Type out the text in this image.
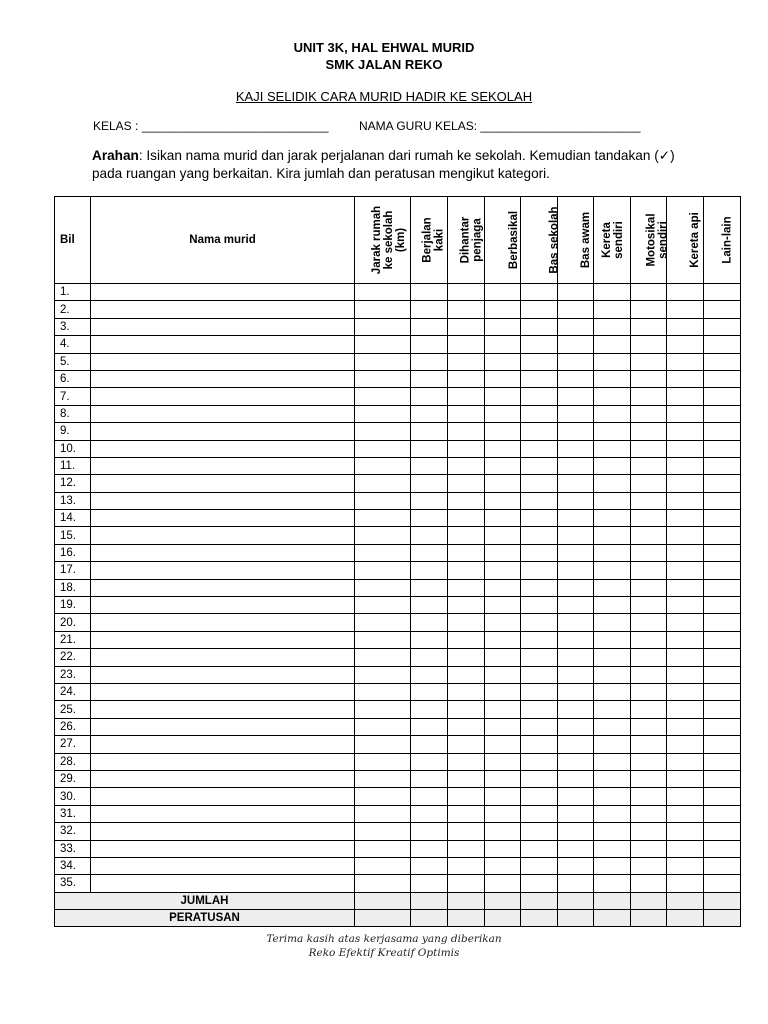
UNIT 3K, HAL EHWAL MURID
SMK JALAN REKO
KAJI SELIDIK CARA MURID HADIR KE SEKOLAH
KELAS : ____________________________	NAMA GURU KELAS: ________________________
Arahan: Isikan nama murid dan jarak perjalanan dari rumah ke sekolah. Kemudian tandakan (✓) pada ruangan yang berkaitan. Kira jumlah dan peratusan mengikut kategori.
Bil	Nama murid	Jarak rumah
ke sekolah
(km)	Berjalan
kaki	Dihantar
penjaga	Berbasikal	Bas sekolah	Bas awam	Kereta
sendiri	Motosikal
sendiri	Kereta api	Lain-lain
1.											
2.											
3.											
4.											
5.											
6.											
7.											
8.											
9.											
10.											
11.											
12.											
13.											
14.											
15.											
16.											
17.											
18.											
19.											
20.											
21.											
22.											
23.											
24.											
25.											
26.											
27.											
28.											
29.											
30.											
31.											
32.											
33.											
34.											
35.											
JUMLAH											
PERATUSAN											
Terima kasih atas kerjasama yang diberikan
Reko Efektif Kreatif Optimis
